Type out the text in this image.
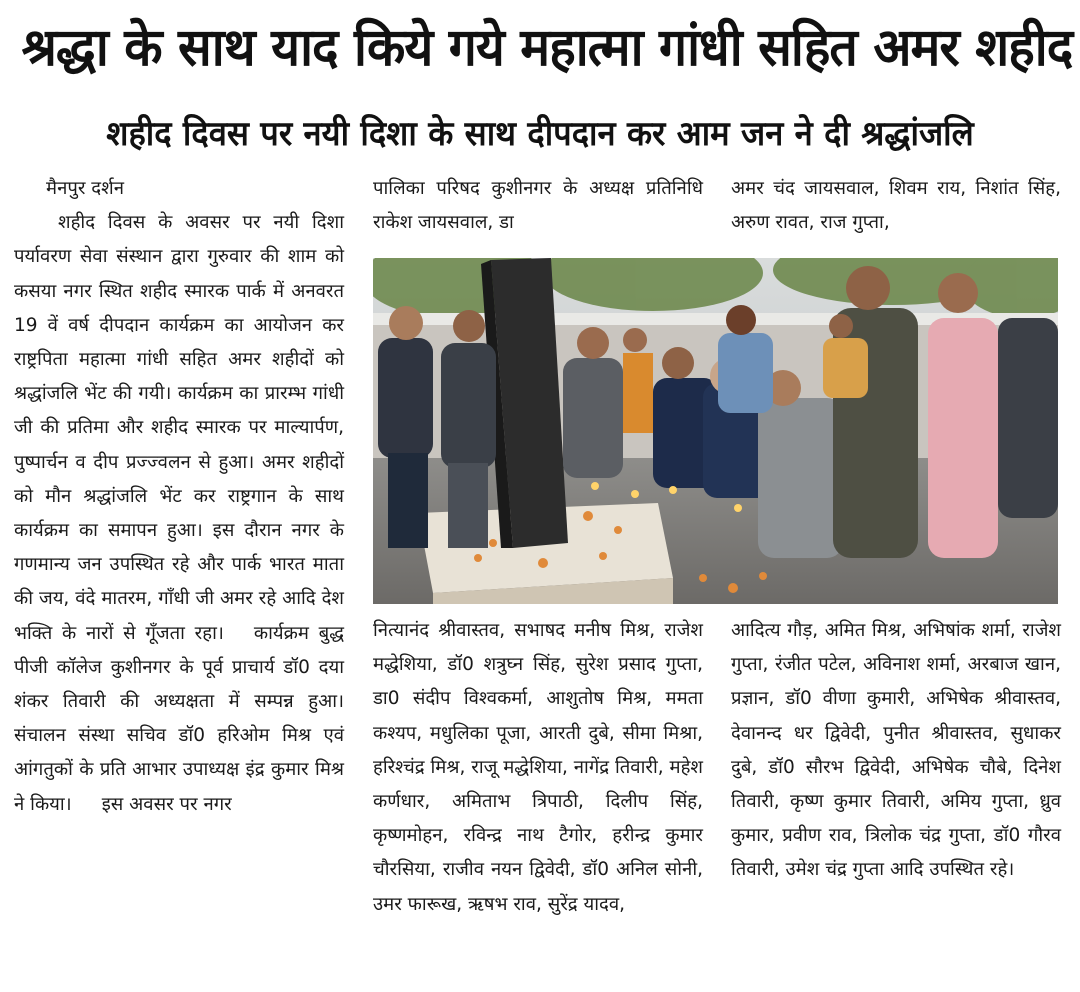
श्रद्धा के साथ याद किये गये महात्मा गांधी सहित अमर शहीद
शहीद दिवस पर नयी दिशा के साथ दीपदान कर आम जन ने दी श्रद्धांजलि
मैनपुर दर्शन

शहीद दिवस के अवसर पर नयी दिशा पर्यावरण सेवा संस्थान द्वारा गुरुवार की शाम को कसया नगर स्थित शहीद स्मारक पार्क में अनवरत 19 वें वर्ष दीपदान कार्यक्रम का आयोजन कर राष्ट्रपिता महात्मा गांधी सहित अमर शहीदों को श्रद्धांजलि भेंट की गयी। कार्यक्रम का प्रारम्भ गांधी जी की प्रतिमा और शहीद स्मारक पर माल्यार्पण, पुष्पार्चन व दीप प्रज्ज्वलन से हुआ। अमर शहीदों को मौन श्रद्धांजलि भेंट कर राष्ट्रगान के साथ कार्यक्रम का समापन हुआ। इस दौरान नगर के गणमान्य जन उपस्थित रहे और पार्क भारत माता की जय, वंदे मातरम, गाँधी जी अमर रहे आदि देश भक्ति के नारों से गूँजता रहा। कार्यक्रम बुद्ध पीजी कॉलेज कुशीनगर के पूर्व प्राचार्य डॉ0 दया शंकर तिवारी की अध्यक्षता में सम्पन्न हुआ। संचालन संस्था सचिव डॉ0 हरिओम मिश्र एवं आंगतुकों के प्रति आभार उपाध्यक्ष इंद्र कुमार मिश्र ने किया। इस अवसर पर नगर

पालिका परिषद कुशीनगर के अध्यक्ष प्रतिनिधि राकेश जायसवाल, डा

अमर चंद जायसवाल, शिवम राय, निशांत सिंह, अरुण रावत, राज गुप्ता,

नित्यानंद श्रीवास्तव, सभाषद मनीष मिश्र, राजेश मद्धेशिया, डॉ0 शत्रुघ्न सिंह, सुरेश प्रसाद गुप्ता, डा0 संदीप विश्वकर्मा, आशुतोष मिश्र, ममता कश्यप, मधुलिका पूजा, आरती दुबे, सीमा मिश्रा, हरिश्चंद्र मिश्र, राजू मद्धेशिया, नागेंद्र तिवारी, महेश कर्णधार, अमिताभ त्रिपाठी, दिलीप सिंह, कृष्णमोहन, रविन्द्र नाथ टैगोर, हरीन्द्र कुमार चौरसिया, राजीव नयन द्विवेदी, डॉ0 अनिल सोनी, उमर फारूख, ऋषभ राव, सुरेंद्र यादव,

आदित्य गौड़, अमित मिश्र, अभिषांक शर्मा, राजेश गुप्ता, रंजीत पटेल, अविनाश शर्मा, अरबाज खान, प्रज्ञान, डॉ0 वीणा कुमारी, अभिषेक श्रीवास्तव, देवानन्द धर द्विवेदी, पुनीत श्रीवास्तव, सुधाकर दुबे, डॉ0 सौरभ द्विवेदी, अभिषेक चौबे, दिनेश तिवारी, कृष्ण कुमार तिवारी, अमिय गुप्ता, ध्रुव कुमार, प्रवीण राव, त्रिलोक चंद्र गुप्ता, डॉ0 गौरव तिवारी, उमेश चंद्र गुप्ता आदि उपस्थित रहे।
